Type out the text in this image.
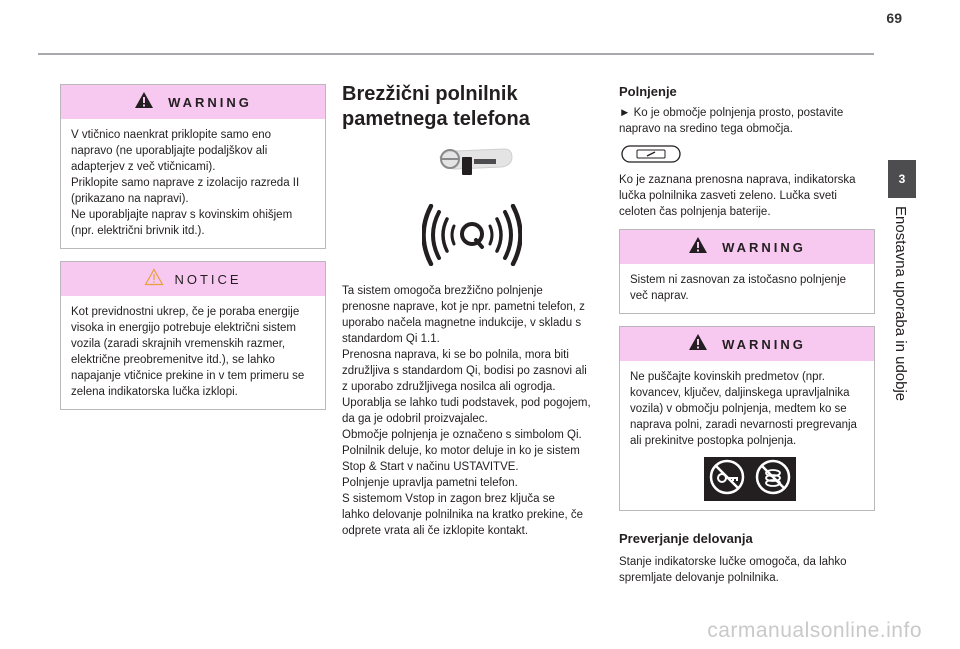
69
3
Enostavna uporaba in udobje
WARNING

V vtičnico naenkrat priklopite samo eno

napravo (ne uporabljajte podaljškov ali

adapterjev z več vtičnicami).

Priklopite samo naprave z izolacijo razreda II

(prikazano na napravi).

Ne uporabljajte naprav s kovinskim ohišjem

(npr. električni brivnik itd.).

NOTICE

Kot previdnostni ukrep, če je poraba energije

visoka in energijo potrebuje električni sistem

vozila (zaradi skrajnih vremenskih razmer,

električne preobremenitve itd.), se lahko

napajanje vtičnice prekine in v tem primeru se

zelena indikatorska lučka izklopi.

Brezžični polnilnik
pametnega telefona

Ta sistem omogoča brezžično polnjenje

prenosne naprave, kot je npr. pametni telefon, z

uporabo načela magnetne indukcije, v skladu s

standardom Qi 1.1.

Prenosna naprava, ki se bo polnila, mora biti

združljiva s standardom Qi, bodisi po zasnovi ali

z uporabo združljivega nosilca ali ogrodja.

Uporablja se lahko tudi podstavek, pod pogojem,

da ga je odobril proizvajalec.

Območje polnjenja je označeno s simbolom Qi.

Polnilnik deluje, ko motor deluje in ko je sistem

Stop & Start v načinu USTAVITVE.

Polnjenje upravlja pametni telefon.

S sistemom Vstop in zagon brez ključa se

lahko delovanje polnilnika na kratko prekine, če

odprete vrata ali če izklopite kontakt.

Polnjenje

► Ko je območje polnjenja prosto, postavite

napravo na sredino tega območja.

Ko je zaznana prenosna naprava, indikatorska

lučka polnilnika zasveti zeleno. Lučka sveti

celoten čas polnjenja baterije.

WARNING

Sistem ni zasnovan za istočasno polnjenje

več naprav.

WARNING

Ne puščajte kovinskih predmetov (npr.

kovancev, ključev, daljinskega upravljalnika

vozila) v območju polnjenja, medtem ko se

naprava polni, zaradi nevarnosti pregrevanja

ali prekinitve postopka polnjenja.

Preverjanje delovanja

Stanje indikatorske lučke omogoča, da lahko

spremljate delovanje polnilnika.

carmanualsonline.info
